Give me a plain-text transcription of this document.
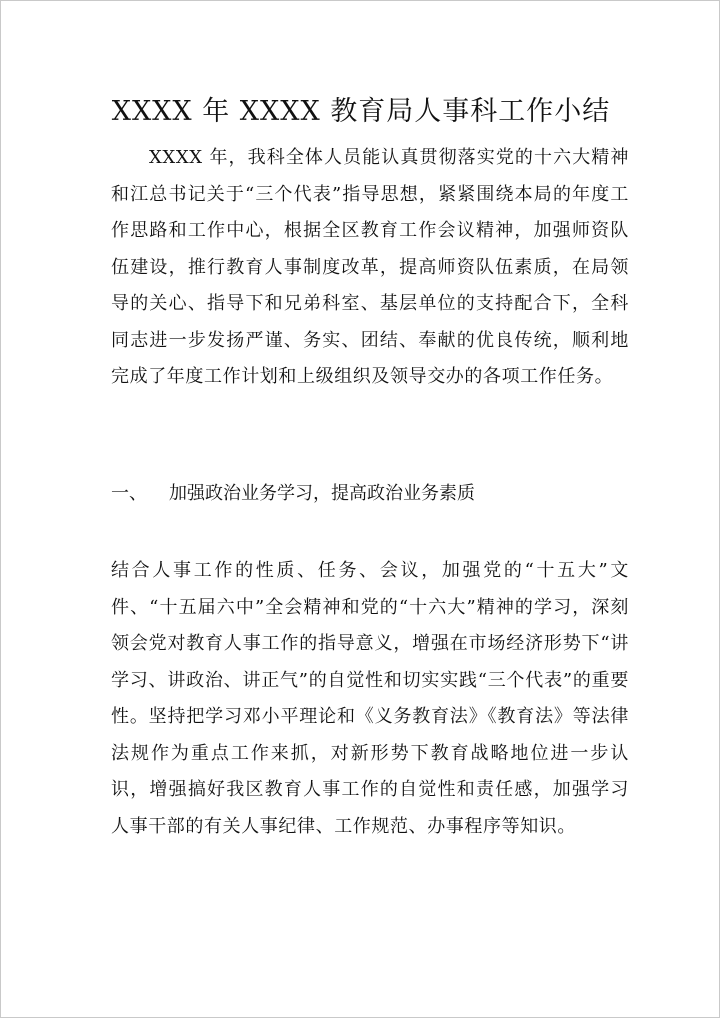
XXXX 年 XXXX 教育局人事科工作小结
XXXX 年，我科全体人员能认真贯彻落实党的十六大精神和江总书记关于“三个代表”指导思想，紧紧围绕本局的年度工作思路和工作中心，根据全区教育工作会议精神，加强师资队伍建设，推行教育人事制度改革，提高师资队伍素质，在局领导的关心、指导下和兄弟科室、基层单位的支持配合下，全科同志进一步发扬严谨、务实、团结、奉献的优良传统，顺利地完成了年度工作计划和上级组织及领导交办的各项工作任务。
一、 加强政治业务学习，提高政治业务素质
结合人事工作的性质、任务、会议，加强党的“十五大”文件、“十五届六中”全会精神和党的“十六大”精神的学习，深刻领会党对教育人事工作的指导意义，增强在市场经济形势下“讲学习、讲政治、讲正气”的自觉性和切实实践“三个代表”的重要性。坚持把学习邓小平理论和《义务教育法》《教育法》等法律法规作为重点工作来抓，对新形势下教育战略地位进一步认识，增强搞好我区教育人事工作的自觉性和责任感，加强学习人事干部的有关人事纪律、工作规范、办事程序等知识。
